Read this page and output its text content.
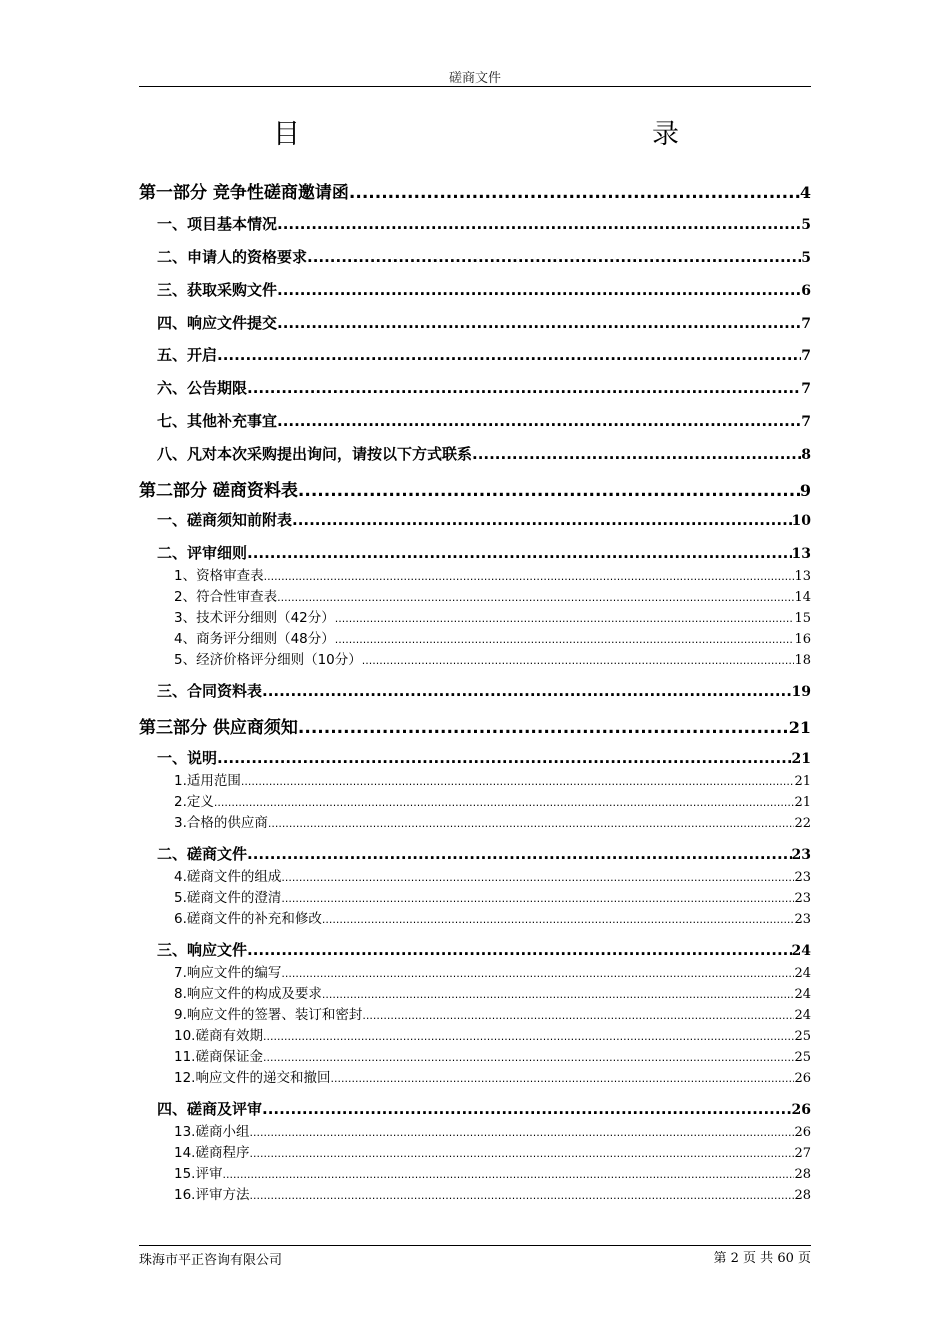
磋商文件
目	录
第一部分 竞争性磋商邀请函 .....	4
一、项目基本情况 .....	5
二、申请人的资格要求 .....	5
三、获取采购文件 .....	6
四、响应文件提交 .....	7
五、开启 .....	7
六、公告期限 .....	7
七、其他补充事宜 .....	7
八、凡对本次采购提出询问，请按以下方式联系 .....	8
第二部分 磋商资料表 .....	9
一、磋商须知前附表 .....	10
二、评审细则 .....	13
1、资格审查表 .....	13
2、符合性审查表 .....	14
3、技术评分细则（42分） .....	15
4、商务评分细则（48分） .....	16
5、经济价格评分细则（10分） .....	18
三、合同资料表 .....	19
第三部分 供应商须知 .....	21
一、说明 .....	21
1.适用范围 .....	21
2.定义 .....	21
3.合格的供应商 .....	22
二、磋商文件 .....	23
4.磋商文件的组成 .....	23
5.磋商文件的澄清 .....	23
6.磋商文件的补充和修改 .....	23
三、响应文件 .....	24
7.响应文件的编写 .....	24
8.响应文件的构成及要求 .....	24
9.响应文件的签署、装订和密封 .....	24
10.磋商有效期 .....	25
11.磋商保证金 .....	25
12.响应文件的递交和撤回 .....	26
四、磋商及评审 .....	26
13.磋商小组 .....	26
14.磋商程序 .....	27
15.评审 .....	28
16.评审方法 .....	28
珠海市平正咨询有限公司	第 2 页 共 60 页
